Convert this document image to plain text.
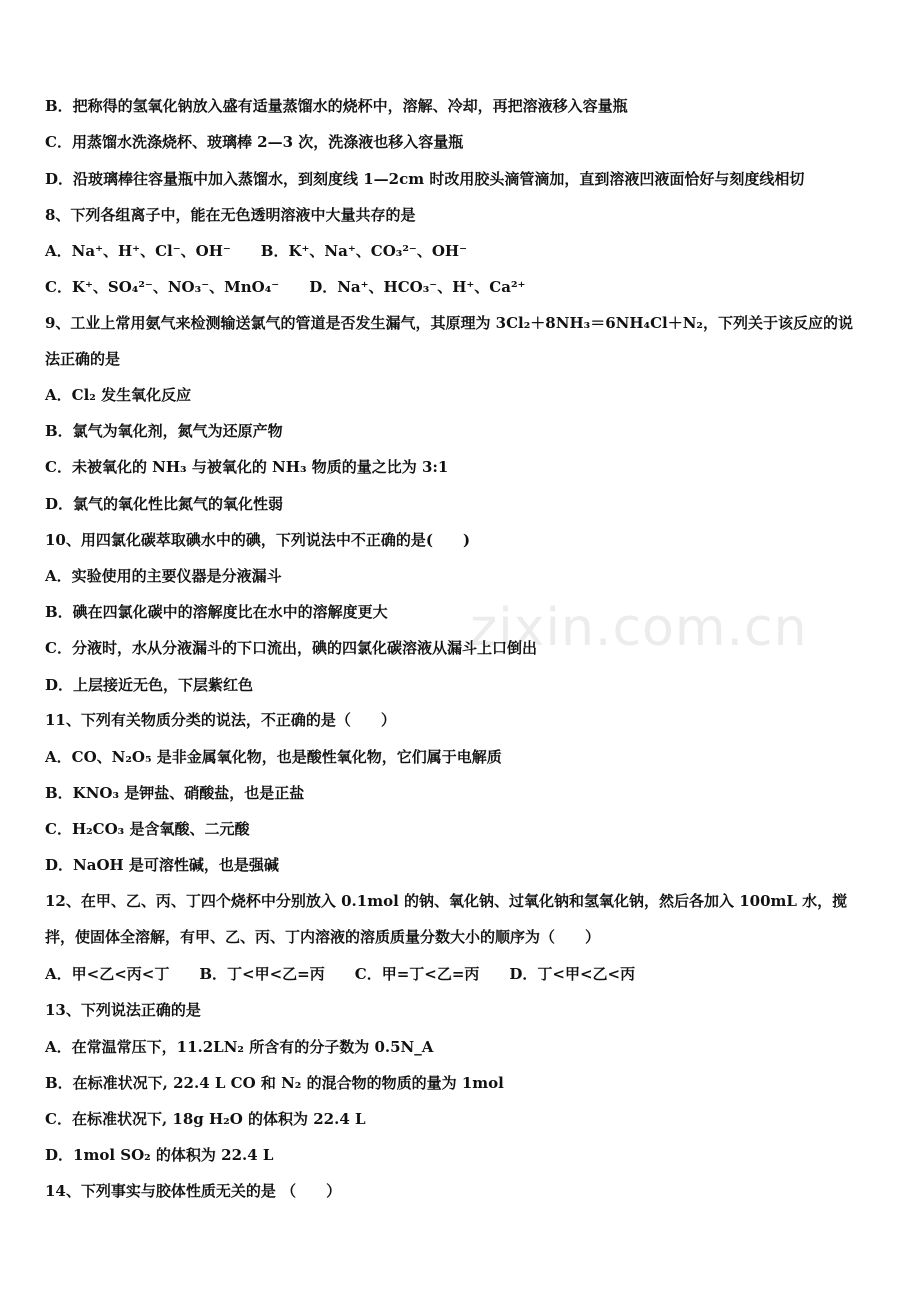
zixin.com.cn
B．把称得的氢氧化钠放入盛有适量蒸馏水的烧杯中，溶解、冷却，再把溶液移入容量瓶
C．用蒸馏水洗涤烧杯、玻璃棒 2—3 次，洗涤液也移入容量瓶
D．沿玻璃棒往容量瓶中加入蒸馏水，到刻度线 1—2cm 时改用胶头滴管滴加，直到溶液凹液面恰好与刻度线相切
8、下列各组离子中，能在无色透明溶液中大量共存的是
A．Na⁺、H⁺、Cl⁻、OH⁻ B．K⁺、Na⁺、CO₃²⁻、OH⁻
C．K⁺、SO₄²⁻、NO₃⁻、MnO₄⁻ D．Na⁺、HCO₃⁻、H⁺、Ca²⁺
9、工业上常用氨气来检测输送氯气的管道是否发生漏气，其原理为 3Cl₂＋8NH₃＝6NH₄Cl＋N₂，下列关于该反应的说
法正确的是
A．Cl₂ 发生氧化反应
B．氯气为氧化剂，氮气为还原产物
C．未被氧化的 NH₃ 与被氧化的 NH₃ 物质的量之比为 3:1
D．氯气的氧化性比氮气的氧化性弱
10、用四氯化碳萃取碘水中的碘，下列说法中不正确的是(　　)
A．实验使用的主要仪器是分液漏斗
B．碘在四氯化碳中的溶解度比在水中的溶解度更大
C．分液时，水从分液漏斗的下口流出，碘的四氯化碳溶液从漏斗上口倒出
D．上层接近无色，下层紫红色
11、下列有关物质分类的说法，不正确的是（　　）
A．CO、N₂O₅ 是非金属氧化物，也是酸性氧化物，它们属于电解质
B．KNO₃ 是钾盐、硝酸盐，也是正盐
C．H₂CO₃ 是含氧酸、二元酸
D．NaOH 是可溶性碱，也是强碱
12、在甲、乙、丙、丁四个烧杯中分别放入 0.1mol 的钠、氧化钠、过氧化钠和氢氧化钠，然后各加入 100mL 水，搅
拌，使固体全溶解，有甲、乙、丙、丁内溶液的溶质质量分数大小的顺序为（　　）
A．甲<乙<丙<丁 B．丁<甲<乙=丙 C．甲=丁<乙=丙 D．丁<甲<乙<丙
13、下列说法正确的是
A．在常温常压下，11.2LN₂ 所含有的分子数为 0.5N_A
B．在标准状况下, 22.4 L CO 和 N₂ 的混合物的物质的量为 1mol
C．在标准状况下, 18g H₂O 的体积为 22.4 L
D．1mol SO₂ 的体积为 22.4 L
14、下列事实与胶体性质无关的是 （　　）
